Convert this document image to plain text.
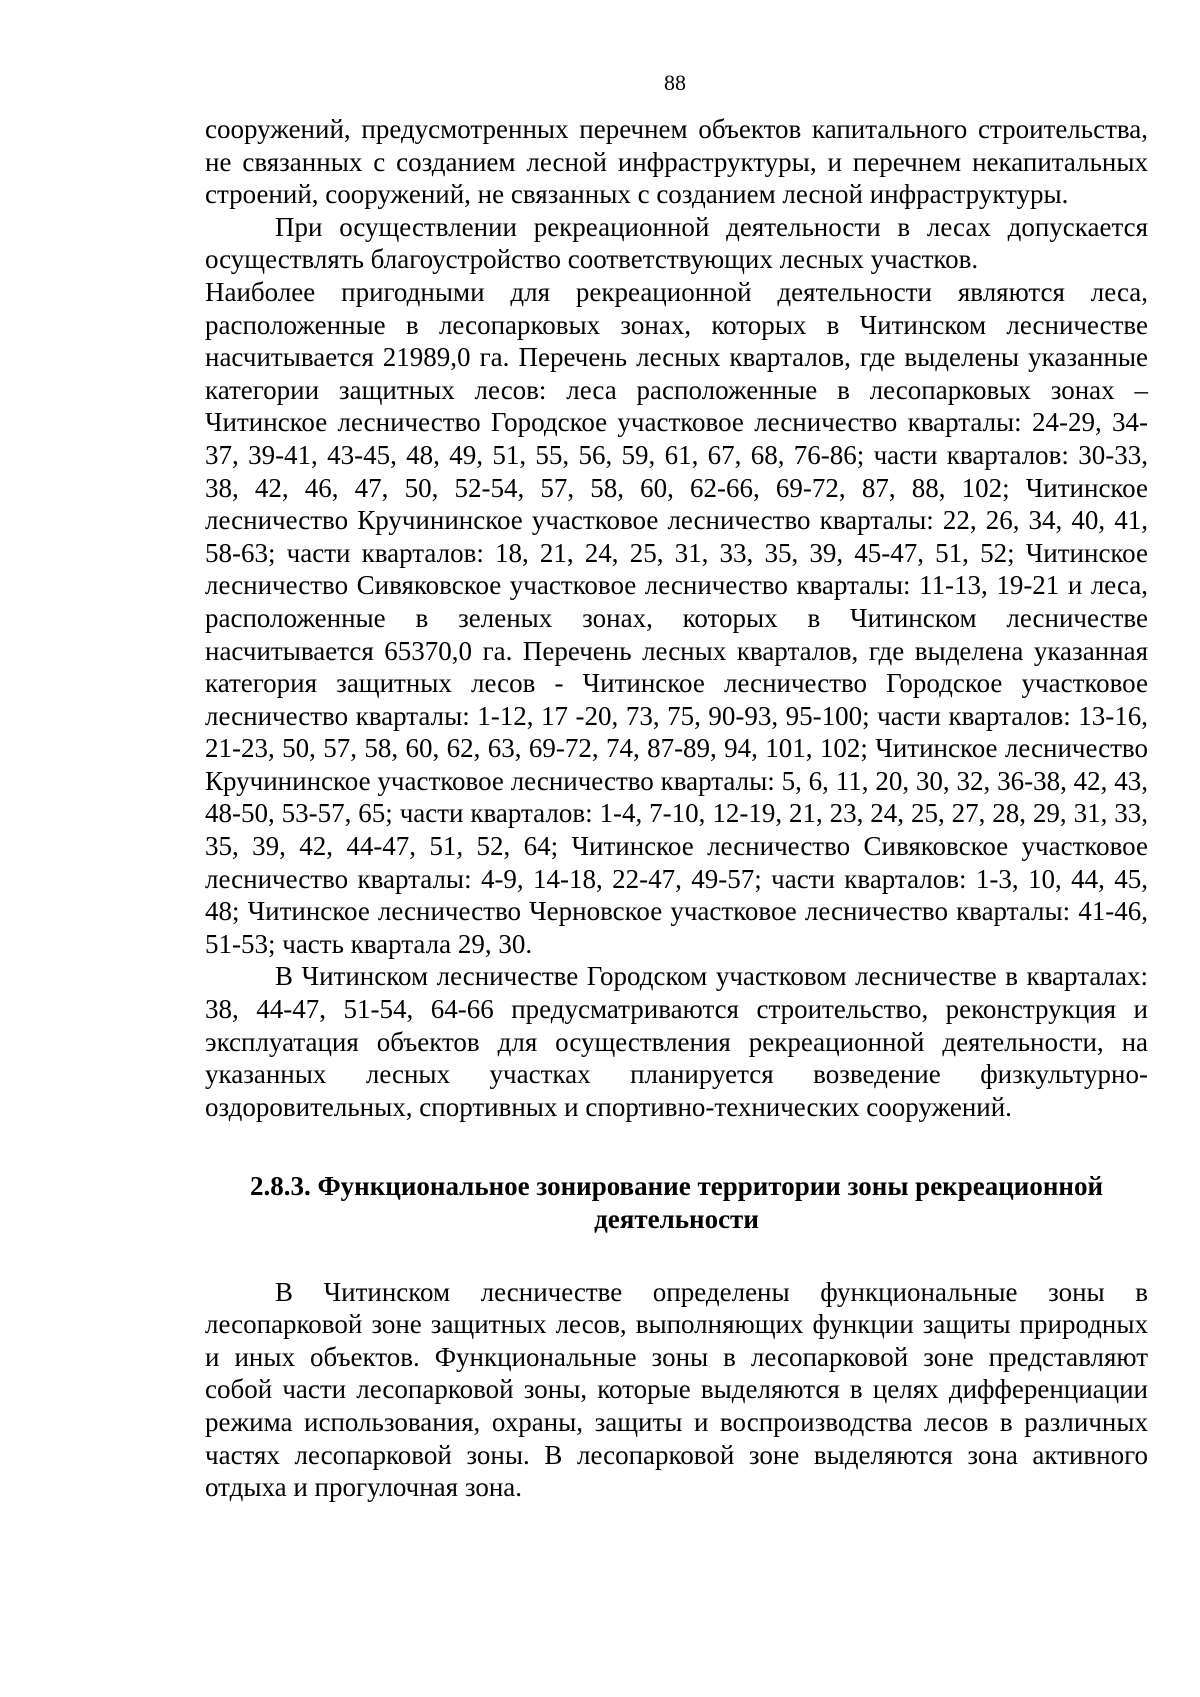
88

сооружений, предусмотренных перечнем объектов капитального строительства, не связанных с созданием лесной инфраструктуры, и перечнем некапитальных строений, сооружений, не связанных с созданием лесной инфраструктуры.

При осуществлении рекреационной деятельности в лесах допускается осуществлять благоустройство соответствующих лесных участков.

Наиболее пригодными для рекреационной деятельности являются леса, расположенные в лесопарковых зонах, которых в Читинском лесничестве насчитывается 21989,0 га. Перечень лесных кварталов, где выделены указанные категории защитных лесов: леса расположенные в лесопарковых зонах – Читинское лесничество Городское участковое лесничество кварталы: 24-29, 34-37, 39-41, 43-45, 48, 49, 51, 55, 56, 59, 61, 67, 68, 76-86; части кварталов: 30-33, 38, 42, 46, 47, 50, 52-54, 57, 58, 60, 62-66, 69-72, 87, 88, 102; Читинское лесничество Кручининское участковое лесничество кварталы: 22, 26, 34, 40, 41, 58-63; части кварталов: 18, 21, 24, 25, 31, 33, 35, 39, 45-47, 51, 52; Читинское лесничество Сивяковское участковое лесничество кварталы: 11-13, 19-21 и леса, расположенные в зеленых зонах, которых в Читинском лесничестве насчитывается 65370,0 га. Перечень лесных кварталов, где выделена указанная категория защитных лесов - Читинское лесничество Городское участковое лесничество кварталы: 1-12, 17 -20, 73, 75, 90-93, 95-100; части кварталов: 13-16, 21-23, 50, 57, 58, 60, 62, 63, 69-72, 74, 87-89, 94, 101, 102; Читинское лесничество Кручининское участковое лесничество кварталы: 5, 6, 11, 20, 30, 32, 36-38, 42, 43, 48-50, 53-57, 65; части кварталов: 1-4, 7-10, 12-19, 21, 23, 24, 25, 27, 28, 29, 31, 33, 35, 39, 42, 44-47, 51, 52, 64; Читинское лесничество Сивяковское участковое лесничество кварталы: 4-9, 14-18, 22-47, 49-57; части кварталов: 1-3, 10, 44, 45, 48; Читинское лесничество Черновское участковое лесничество кварталы: 41-46, 51-53; часть квартала 29, 30.

В Читинском лесничестве Городском участковом лесничестве в кварталах: 38, 44-47, 51-54, 64-66 предусматриваются строительство, реконструкция и эксплуатация объектов для осуществления рекреационной деятельности, на указанных лесных участках планируется возведение физкультурно-оздоровительных, спортивных и спортивно-технических сооружений.

2.8.3. Функциональное зонирование территории зоны рекреационной деятельности

В Читинском лесничестве определены функциональные зоны в лесопарковой зоне защитных лесов, выполняющих функции защиты природных и иных объектов. Функциональные зоны в лесопарковой зоне представляют собой части лесопарковой зоны, которые выделяются в целях дифференциации режима использования, охраны, защиты и воспроизводства лесов в различных частях лесопарковой зоны. В лесопарковой зоне выделяются зона активного отдыха и прогулочная зона.
